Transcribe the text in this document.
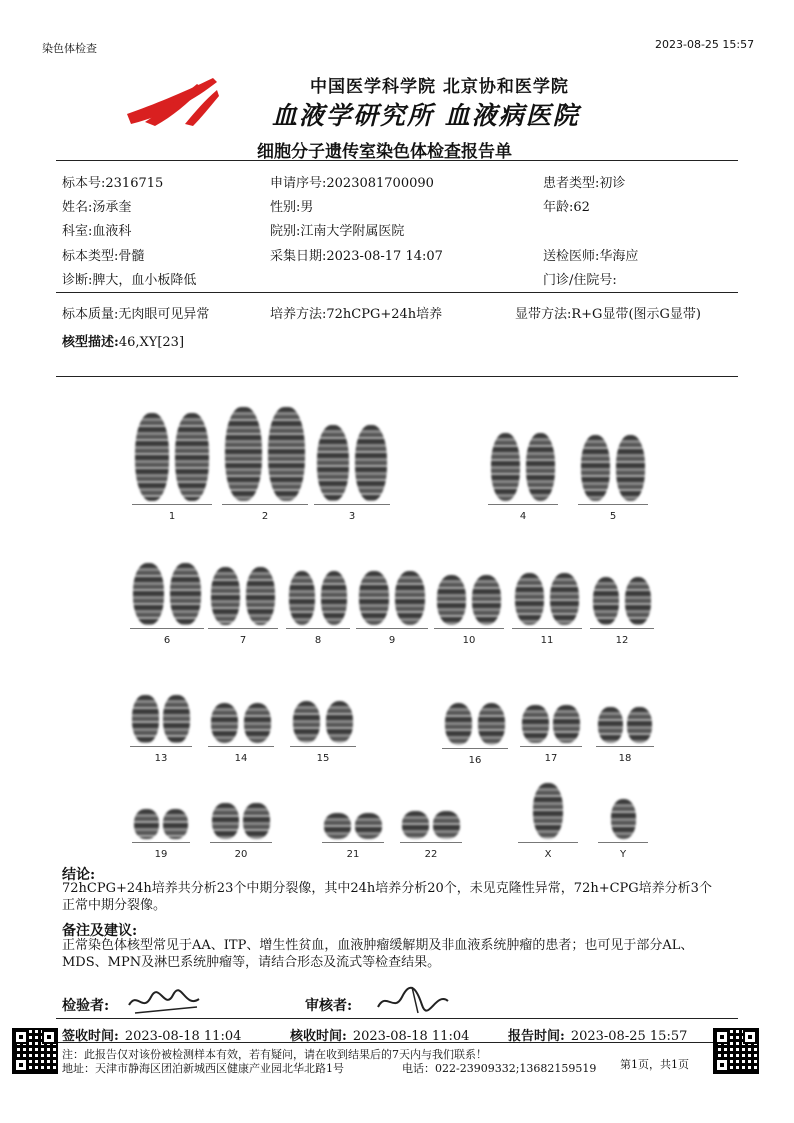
染色体检查	2023-08-25 15:57
中国医学科学院 北京协和医学院
血液学研究所 血液病医院
细胞分子遗传室染色体检查报告单
标本号:2316715	申请序号:2023081700090	患者类型:初诊
姓名:汤承奎	性别:男	年龄:62
科室:血液科	院别:江南大学附属医院
标本类型:骨髓	采集日期:2023-08-17 14:07	送检医师:华海应
诊断:脾大，血小板降低	门诊/住院号:
标本质量:无肉眼可见异常	培养方法:72hCPG+24h培养	显带方法:R+G显带(图示G显带)
核型描述:46,XY[23]
1	2	3	4	5
6	7	8	9	10	11	12
13	14	15	16	17	18
19	20	21	22	X	Y
结论:
72hCPG+24h培养共分析23个中期分裂像，其中24h培养分析20个，未见克隆性异常，72h+CPG培养分析3个正常中期分裂像。
备注及建议:
正常染色体核型常见于AA、ITP、增生性贫血，血液肿瘤缓解期及非血液系统肿瘤的患者；也可见于部分AL、MDS、MPN及淋巴系统肿瘤等，请结合形态及流式等检查结果。
检验者:	审核者:
签收时间: 2023-08-18 11:04	核收时间: 2023-08-18 11:04	报告时间: 2023-08-25 15:57
注：此报告仅对该份被检测样本有效，若有疑问，请在收到结果后的7天内与我们联系！
地址：天津市静海区团泊新城西区健康产业园北华北路1号	电话：022-23909332;13682159519 第1页，共1页
